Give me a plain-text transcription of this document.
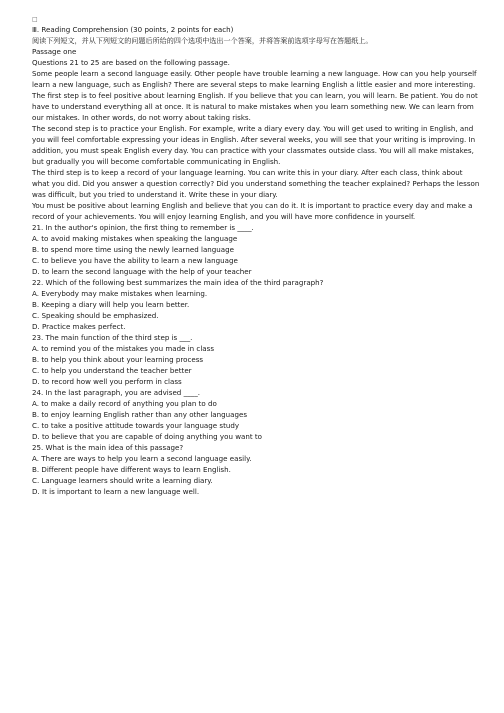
□
Ⅲ. Reading Comprehension (30 points, 2 points for each)
阅读下列短文，并从下列短文的问题后所给的四个选项中选出一个答案，并将答案前选项字母写在答题纸上。
Passage one
Questions 21 to 25 are based on the following passage.
Some people learn a second language easily. Other people have trouble learning a new language. How can you help yourself learn a new language, such as English? There are several steps to make learning English a little easier and more interesting.
The first step is to feel positive about learning English. If you believe that you can learn, you will learn. Be patient. You do not have to understand everything all at once. It is natural to make mistakes when you learn something new. We can learn from our mistakes. In other words, do not worry about taking risks.
The second step is to practice your English. For example, write a diary every day. You will get used to writing in English, and you will feel comfortable expressing your ideas in English. After several weeks, you will see that your writing is improving. In addition, you must speak English every day. You can practice with your classmates outside class. You will all make mistakes, but gradually you will become comfortable communicating in English.
The third step is to keep a record of your language learning. You can write this in your diary. After each class, think about what you did. Did you answer a question correctly? Did you understand something the teacher explained? Perhaps the lesson was difficult, but you tried to understand it. Write these in your diary.
You must be positive about learning English and believe that you can do it. It is important to practice every day and make a record of your achievements. You will enjoy learning English, and you will have more confidence in yourself.
21. In the author's opinion, the first thing to remember is ____.
A. to avoid making mistakes when speaking the language
B. to spend more time using the newly learned language
C. to believe you have the ability to learn a new language
D. to learn the second language with the help of your teacher
22. Which of the following best summarizes the main idea of the third paragraph?
A. Everybody may make mistakes when learning.
B. Keeping a diary will help you learn better.
C. Speaking should be emphasized.
D. Practice makes perfect.
23. The main function of the third step is ___.
A. to remind you of the mistakes you made in class
B. to help you think about your learning process
C. to help you understand the teacher better
D. to record how well you perform in class
24. In the last paragraph, you are advised ____.
A. to make a daily record of anything you plan to do
B. to enjoy learning English rather than any other languages
C. to take a positive attitude towards your language study
D. to believe that you are capable of doing anything you want to
25. What is the main idea of this passage?
A. There are ways to help you learn a second language easily.
B. Different people have different ways to learn English.
C. Language learners should write a learning diary.
D. It is important to learn a new language well.
